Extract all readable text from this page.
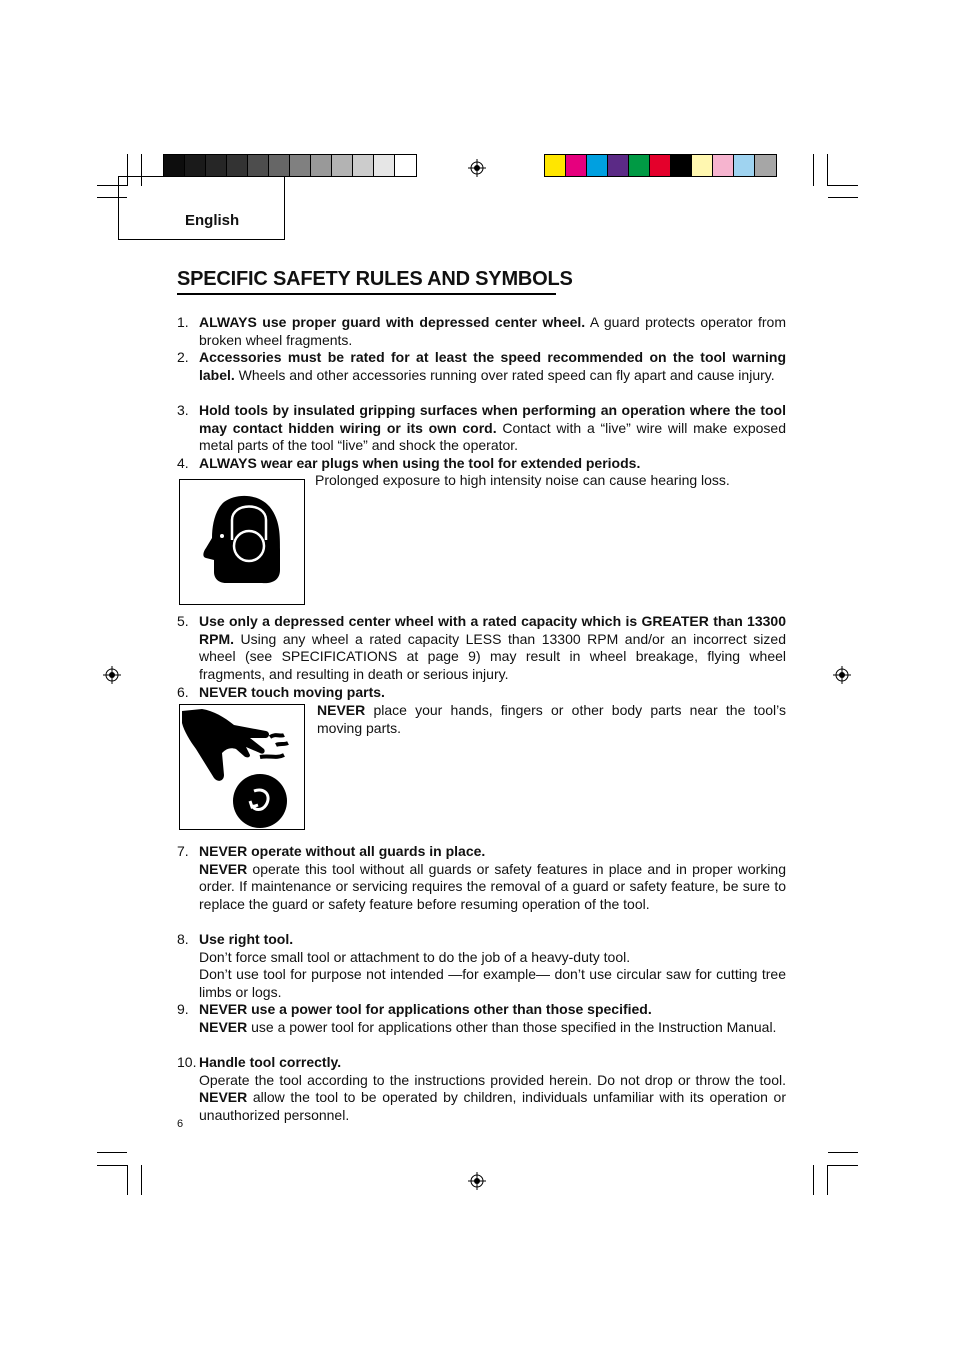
English
SPECIFIC SAFETY RULES AND SYMBOLS
1. ALWAYS use proper guard with depressed center wheel. A guard protects operator from broken wheel fragments.
2. Accessories must be rated for at least the speed recommended on the tool warning label. Wheels and other accessories running over rated speed can fly apart and cause injury.
3. Hold tools by insulated gripping surfaces when performing an operation where the tool may contact hidden wiring or its own cord. Contact with a “live” wire will make exposed metal parts of the tool “live” and shock the operator.
4. ALWAYS wear ear plugs when using the tool for extended periods.
Prolonged exposure to high intensity noise can cause hearing loss.
5. Use only a depressed center wheel with a rated capacity which is GREATER than 13300 RPM. Using any wheel a rated capacity LESS than 13300 RPM and/or an incorrect sized wheel (see SPECIFICATIONS at page 9) may result in wheel breakage, flying wheel fragments, and resulting in death or serious injury.
6. NEVER touch moving parts.
NEVER place your hands, fingers or other body parts near the tool’s moving parts.
7. NEVER operate without all guards in place.
NEVER operate this tool without all guards or safety features in place and in proper working order. If maintenance or servicing requires the removal of a guard or safety feature, be sure to replace the guard or safety feature before resuming operation of the tool.
8. Use right tool.
Don’t force small tool or attachment to do the job of a heavy-duty tool.
Don’t use tool for purpose not intended —for example— don’t use circular saw for cutting tree limbs or logs.
9. NEVER use a power tool for applications other than those specified.
NEVER use a power tool for applications other than those specified in the Instruction Manual.
10. Handle tool correctly.
Operate the tool according to the instructions provided herein. Do not drop or throw the tool. NEVER allow the tool to be operated by children, individuals unfamiliar with its operation or unauthorized personnel.
6
